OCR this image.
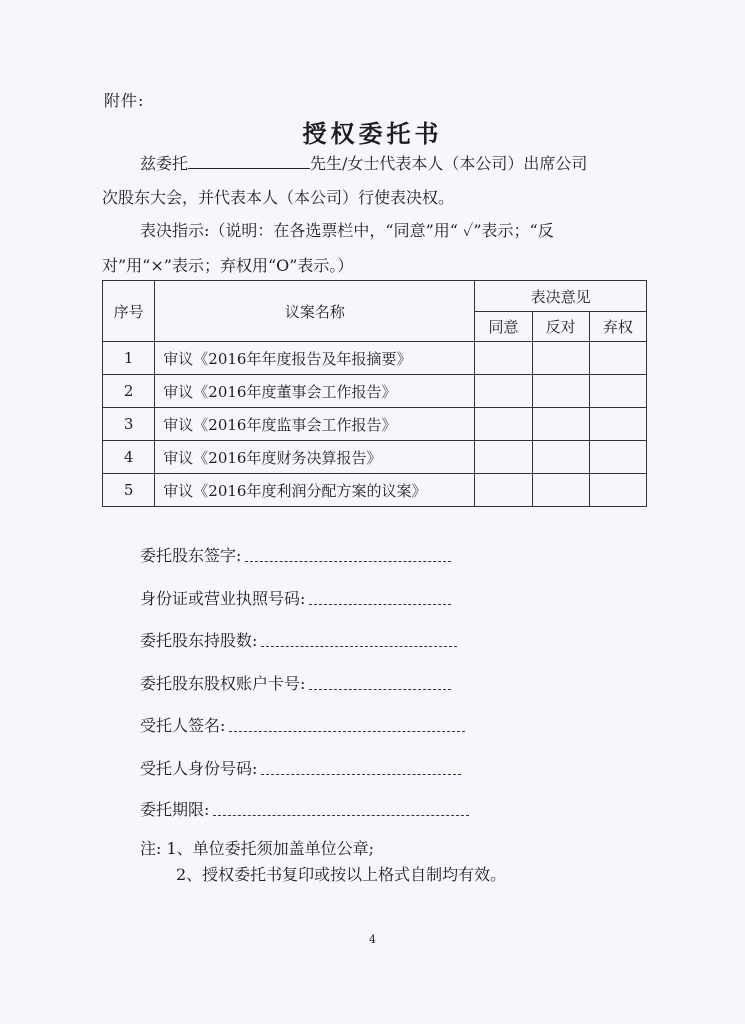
附件:
授权委托书
兹委托	先生/女士代表本人（本公司）出席公司
次股东大会，并代表本人（本公司）行使表决权。
表决指示:（说明：在各选票栏中，“同意”用“ ✓”表示；“反
对”用“×”表示；弃权用“O”表示。）
序号	议案名称	表决意见		
		同意	反对	弃权
1	审议《2016年年度报告及年报摘要》			
2	审议《2016年度董事会工作报告》			
3	审议《2016年度监事会工作报告》			
4	审议《2016年度财务决算报告》			
5	审议《2016年度利润分配方案的议案》			
委托股东签字:
身份证或营业执照号码:
委托股东持股数:
委托股东股权账户卡号:
受托人签名:
受托人身份号码:
委托期限:
注: 1、单位委托须加盖单位公章;
2、授权委托书复印或按以上格式自制均有效。
4
